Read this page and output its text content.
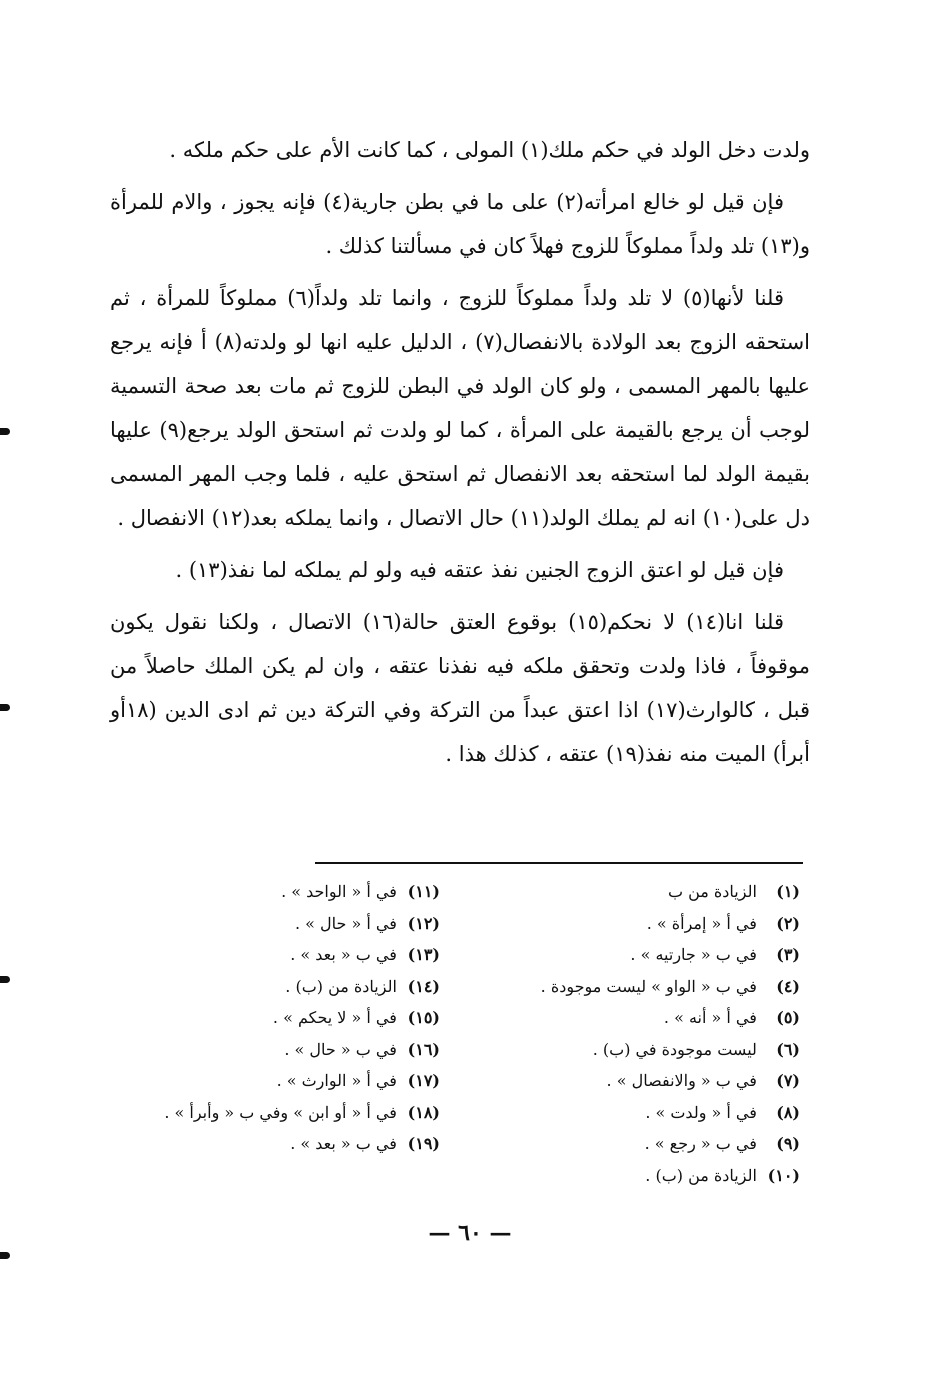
ولدت دخل الولد في حكم ملك(١) المولى ، كما كانت الأم على حكم ملكه .

فإن قيل لو خالع امرأته(٢) على ما في بطن جارية(٤) فإنه يجوز ، والام للمرأة و(١٣) تلد ولداً مملوكاً للزوج فهلاً كان في مسألتنا كذلك .

قلنا لأنها(٥) لا تلد ولداً مملوكاً للزوج ، وانما تلد ولداً(٦) مملوكاً للمرأة ، ثم استحقه الزوج بعد الولادة بالانفصال(٧) ، الدليل عليه انها لو ولدته(٨) أ فإنه يرجع عليها بالمهر المسمى ، ولو كان الولد في البطن للزوج ثم مات بعد صحة التسمية لوجب أن يرجع بالقيمة على المرأة ، كما لو ولدت ثم استحق الولد يرجع(٩) عليها بقيمة الولد لما استحقه بعد الانفصال ثم استحق عليه ، فلما وجب المهر المسمى دل على(١٠) انه لم يملك الولد(١١) حال الاتصال ، وانما يملكه بعد(١٢) الانفصال .

فإن قيل لو اعتق الزوج الجنين نفذ عتقه فيه ولو لم يملكه لما نفذ(١٣) .

قلنا انا(١٤) لا نحكم(١٥) بوقوع العتق حالة(١٦) الاتصال ، ولكنا نقول يكون موقوفاً ، فاذا ولدت وتحقق ملكه فيه نفذنا عتقه ، وان لم يكن الملك حاصلاً من قبل ، كالوارث(١٧) اذا اعتق عبداً من التركة وفي التركة دين ثم ادى الدين (١٨أو أبرأ) الميت منه نفذ(١٩) عتقه ، كذلك هذا .

(١) الزيادة من ب
(٢) في أ « إمرأة » .
(٣) في ب « جارتيه » .
(٤) في ب « الواو » ليست موجودة .
(٥) في أ « أنه » .
(٦) ليست موجودة في (ب) .
(٧) في ب « والانفصال » .
(٨) في أ « ولدت » .
(٩) في ب « رجع » .
(١٠) الزيادة من (ب) .
(١١) في أ « الواحد » .
(١٢) في أ « حال » .
(١٣) في ب « بعد » .
(١٤) الزيادة من (ب) .
(١٥) في أ « لا يحكم » .
(١٦) في ب « حال » .
(١٧) في أ « الوارث » .
(١٨) في أ « أو ابن » وفي ب « وأبرأ » .
(١٩) في ب « بعد » .
— ٦٠ —
